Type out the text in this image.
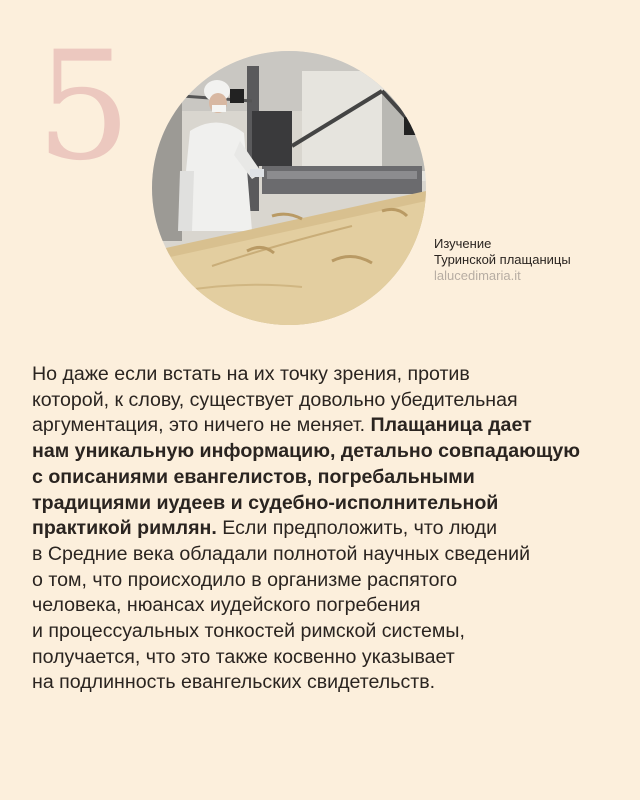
5
Изучение
Туринской плащаницы
lalucedimaria.it
Но даже если встать на их точку зрения, против
которой, к слову, существует довольно убедительная
аргументация, это ничего не меняет. Плащаница дает
нам уникальную информацию, детально совпадающую
с описаниями евангелистов, погребальными
традициями иудеев и судебно-исполнительной
практикой римлян. Если предположить, что люди
в Средние века обладали полнотой научных сведений
о том, что происходило в организме распятого
человека, нюансах иудейского погребения
и процессуальных тонкостей римской системы,
получается, что это также косвенно указывает
на подлинность евангельских свидетельств.
